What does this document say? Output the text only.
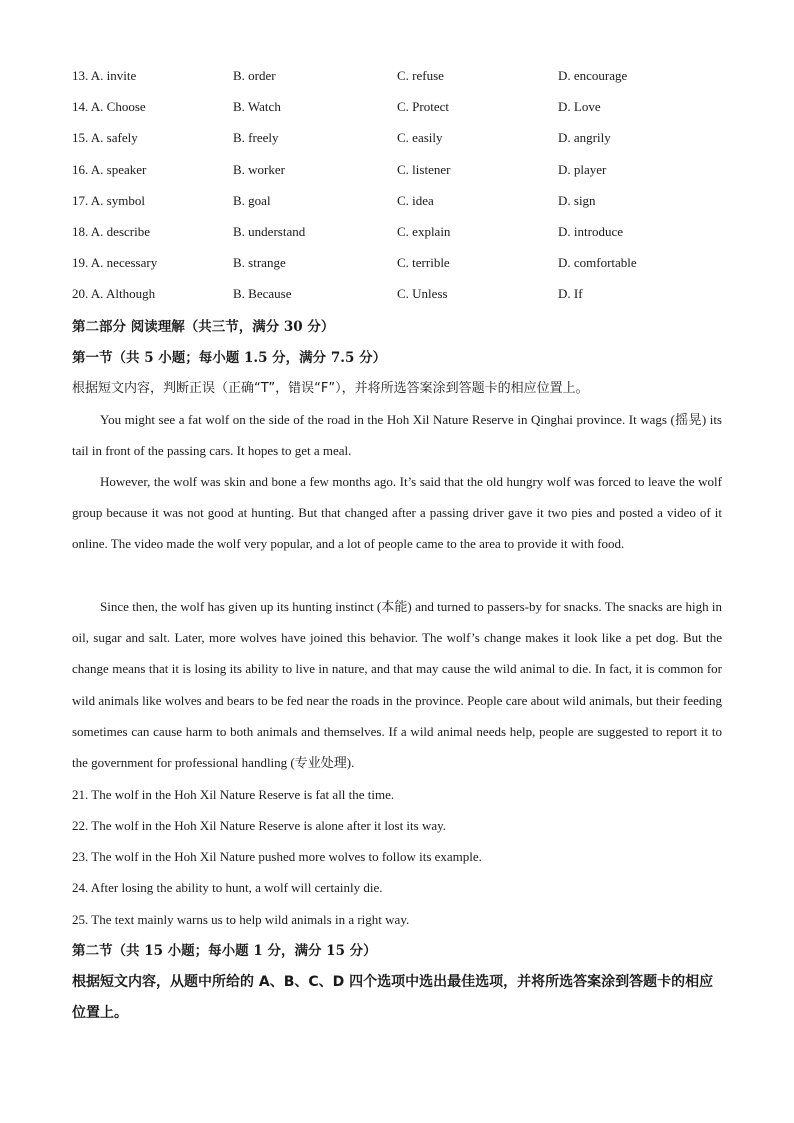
13. A. invite	B. order	C. refuse	D. encourage
14. A. Choose	B. Watch	C. Protect	D. Love
15. A. safely	B. freely	C. easily	D. angrily
16. A. speaker	B. worker	C. listener	D. player
17. A. symbol	B. goal	C. idea	D. sign
18. A. describe	B. understand	C. explain	D. introduce
19. A. necessary	B. strange	C. terrible	D. comfortable
20. A. Although	B. Because	C. Unless	D. If
第二部分 阅读理解（共三节，满分 30 分）
第一节（共 5 小题；每小题 1.5 分，满分 7.5 分）
根据短文内容，判断正误（正确“T”，错误“F”），并将所选答案涂到答题卡的相应位置上。
You might see a fat wolf on the side of the road in the Hoh Xil Nature Reserve in Qinghai province. It wags (摇晃) its tail in front of the passing cars. It hopes to get a meal.
However, the wolf was skin and bone a few months ago. It’s said that the old hungry wolf was forced to leave the wolf group because it was not good at hunting. But that changed after a passing driver gave it two pies and posted a video of it online. The video made the wolf very popular, and a lot of people came to the area to provide it with food.
Since then, the wolf has given up its hunting instinct (本能) and turned to passers-by for snacks. The snacks are high in oil, sugar and salt. Later, more wolves have joined this behavior. The wolf’s change makes it look like a pet dog. But the change means that it is losing its ability to live in nature, and that may cause the wild animal to die. In fact, it is common for wild animals like wolves and bears to be fed near the roads in the province. People care about wild animals, but their feeding sometimes can cause harm to both animals and themselves. If a wild animal needs help, people are suggested to report it to the government for professional handling (专业处理).
21. The wolf in the Hoh Xil Nature Reserve is fat all the time.
22. The wolf in the Hoh Xil Nature Reserve is alone after it lost its way.
23. The wolf in the Hoh Xil Nature pushed more wolves to follow its example.
24. After losing the ability to hunt, a wolf will certainly die.
25. The text mainly warns us to help wild animals in a right way.
第二节（共 15 小题；每小题 1 分，满分 15 分）
根据短文内容，从题中所给的 A、B、C、D 四个选项中选出最佳选项，并将所选答案涂到答题卡的相应位置上。
